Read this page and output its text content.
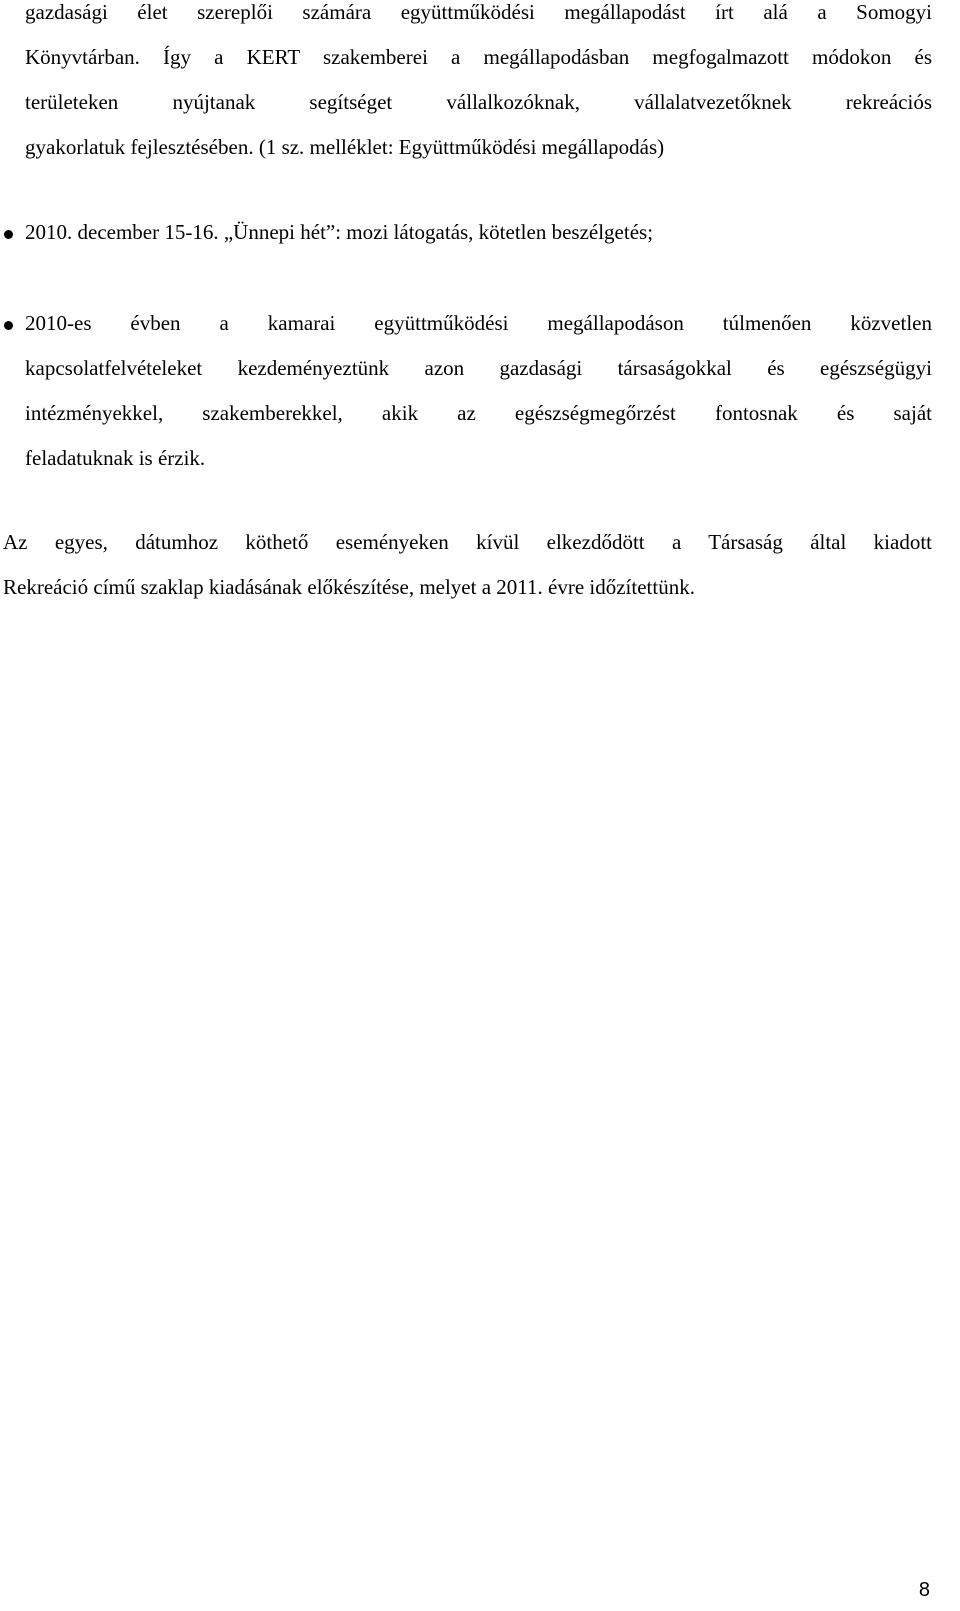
gazdasági élet szereplői számára együttműködési megállapodást írt alá a Somogyi
Könyvtárban. Így a KERT szakemberei a megállapodásban megfogalmazott módokon és
területeken nyújtanak segítséget vállalkozóknak, vállalatvezetőknek rekreációs
gyakorlatuk fejlesztésében. (1 sz. melléklet: Együttműködési megállapodás)
2010. december 15-16. „Ünnepi hét”: mozi látogatás, kötetlen beszélgetés;
2010-es évben a kamarai együttműködési megállapodáson túlmenően közvetlen
kapcsolatfelvételeket kezdeményeztünk azon gazdasági társaságokkal és egészségügyi
intézményekkel, szakemberekkel, akik az egészségmegőrzést fontosnak és saját
feladatuknak is érzik.
Az egyes, dátumhoz köthető eseményeken kívül elkezdődött a Társaság által kiadott
Rekreáció című szaklap kiadásának előkészítése, melyet a 2011. évre időzítettünk.
8
